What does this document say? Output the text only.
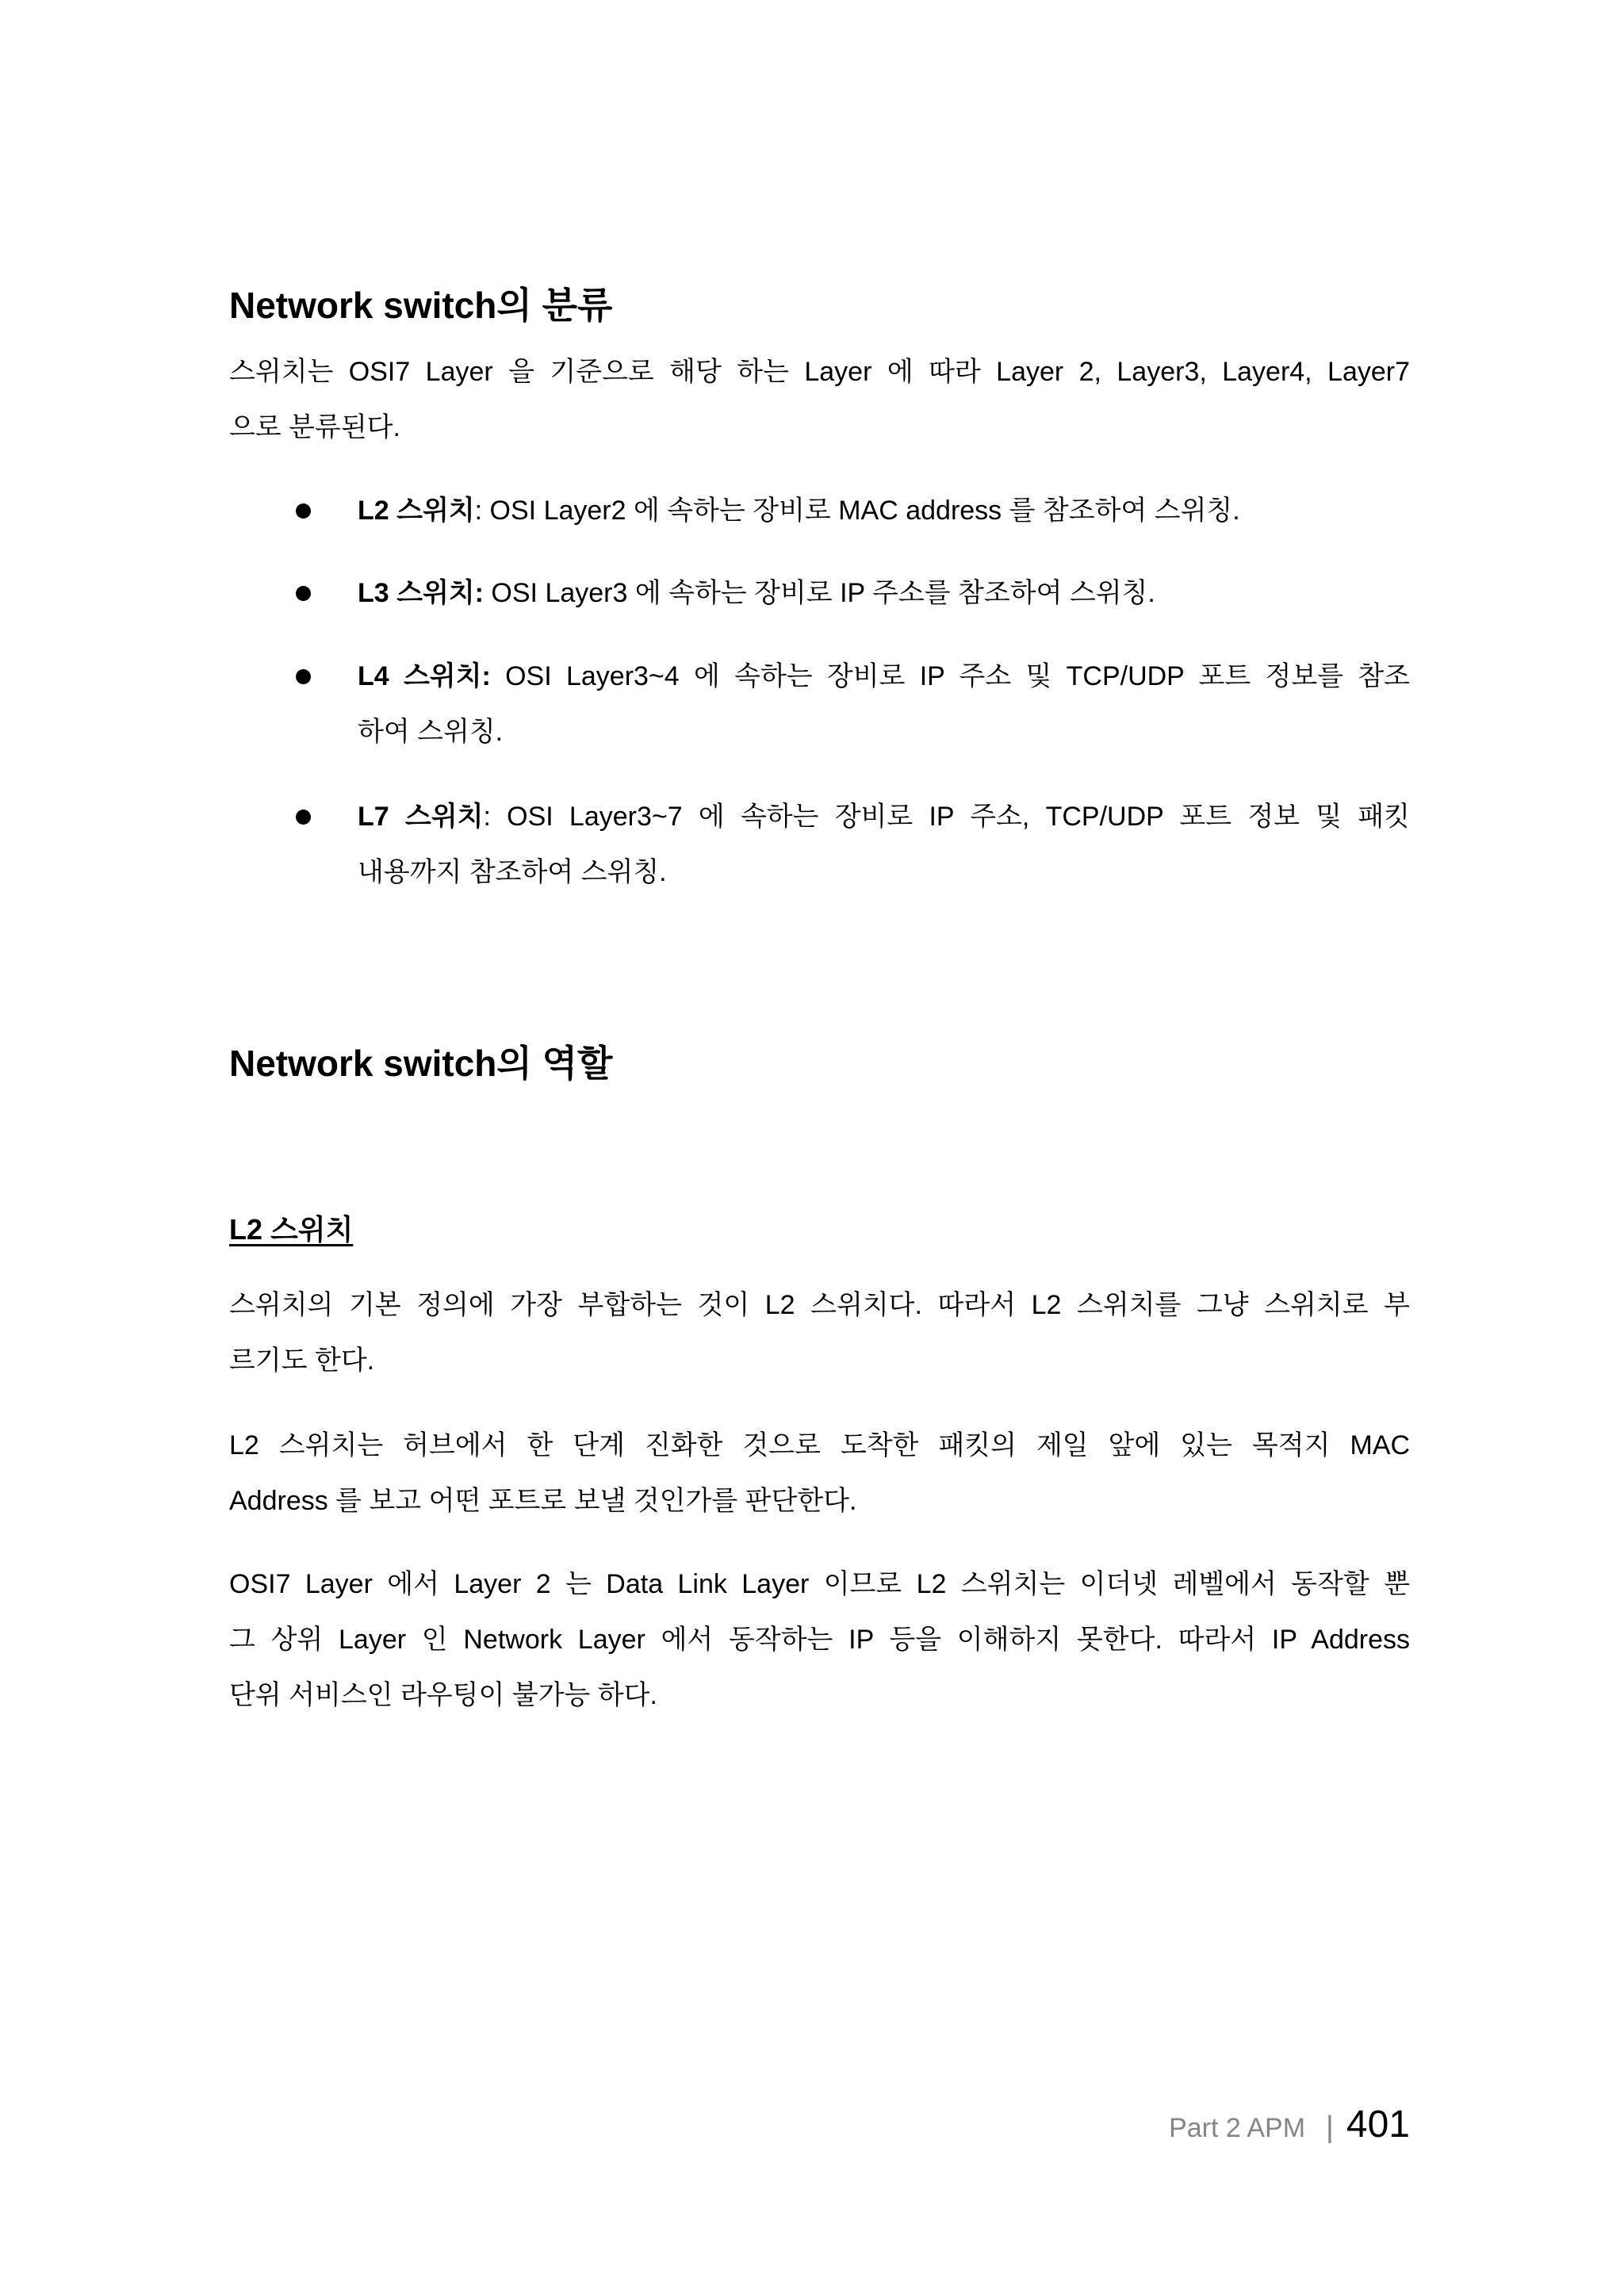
Network switch의 분류
스위치는 OSI7 Layer 을 기준으로 해당 하는 Layer 에 따라 Layer 2, Layer3, Layer4, Layer7
으로 분류된다.
L2 스위치: OSI Layer2 에 속하는 장비로 MAC address 를 참조하여 스위칭.
L3 스위치: OSI Layer3 에 속하는 장비로 IP 주소를 참조하여 스위칭.
L4 스위치: OSI Layer3~4 에 속하는 장비로 IP 주소 및 TCP/UDP 포트 정보를 참조
하여 스위칭.
L7 스위치: OSI Layer3~7 에 속하는 장비로 IP 주소, TCP/UDP 포트 정보 및 패킷
내용까지 참조하여 스위칭.
Network switch의 역할
L2 스위치
스위치의 기본 정의에 가장 부합하는 것이 L2 스위치다. 따라서 L2 스위치를 그냥 스위치로 부
르기도 한다.
L2 스위치는 허브에서 한 단계 진화한 것으로 도착한 패킷의 제일 앞에 있는 목적지 MAC
Address 를 보고 어떤 포트로 보낼 것인가를 판단한다.
OSI7 Layer 에서 Layer 2 는 Data Link Layer 이므로 L2 스위치는 이더넷 레벨에서 동작할 뿐
그 상위 Layer 인 Network Layer 에서 동작하는 IP 등을 이해하지 못한다. 따라서 IP Address
단위 서비스인 라우팅이 불가능 하다.
Part 2 APM | 401
